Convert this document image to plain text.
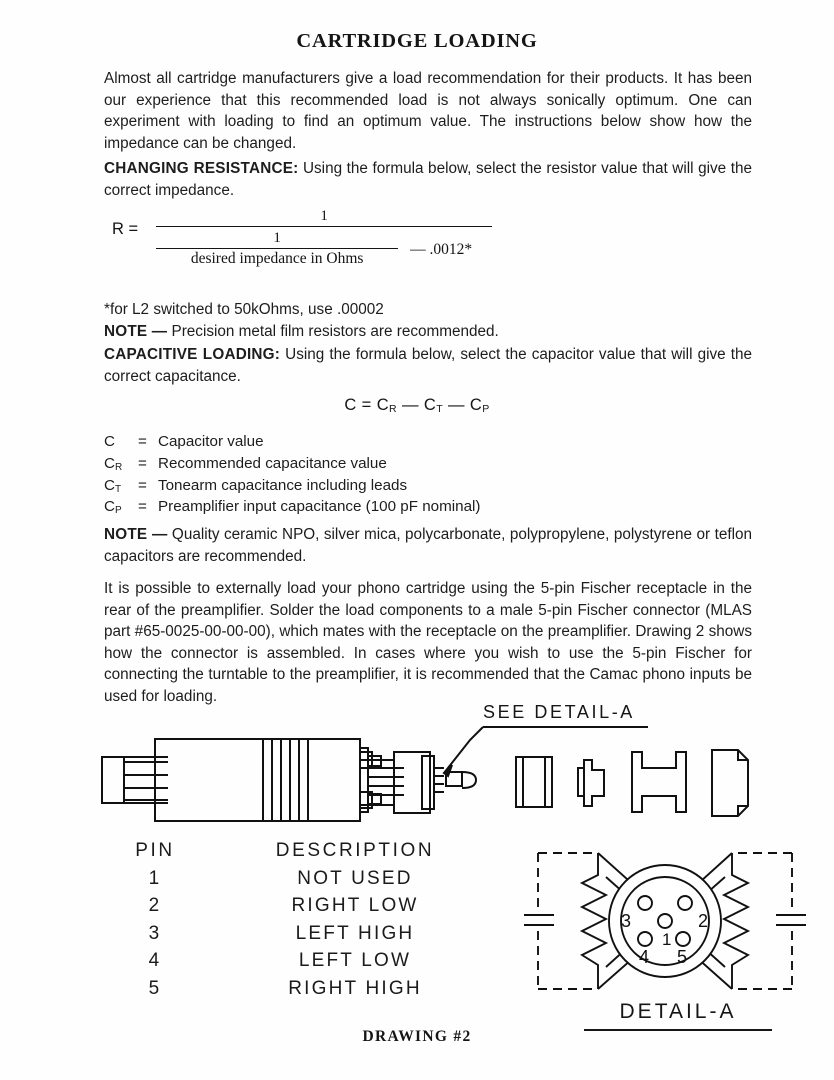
CARTRIDGE LOADING

Almost all cartridge manufacturers give a load recommendation for their products. It has been our experience that this recommended load is not always sonically optimum. One can experiment with loading to find an optimum value. The instructions below show how the impedance can be changed.

CHANGING RESISTANCE: Using the formula below, select the resistor value that will give the correct impedance.

R =
1
$\frac{1}{\text{desired impedance in Ohms}}$ — .0012*

*for L2 switched to 50kOhms, use .00002

NOTE — Precision metal film resistors are recommended.

CAPACITIVE LOADING: Using the formula below, select the capacitor value that will give the correct capacitance.

$C = C_R$ — $C_T$ — $C_P$
C	= Capacitor value
$C_R$	= Recommended capacitance value
$C_T$	= Tonearm capacitance including leads
$C_P$	= Preamplifier input capacitance (100 pF nominal)

NOTE — Quality ceramic NPO, silver mica, polycarbonate, polypropylene, polystyrene or teflon capacitors are recommended.

It is possible to externally load your phono cartridge using the 5-pin Fischer receptacle in the rear of the preamplifier. Solder the load components to a male 5-pin Fischer connector (MLAS part #65-0025-00-00-00), which mates with the receptacle on the preamplifier. Drawing 2 shows how the connector is assembled. In cases where you wish to use the 5-pin Fischer for connecting the turntable to the preamplifier, it is recommended that the Camac phono inputs be used for loading.

SEE DETAIL-A
PIN	DESCRIPTION
1	NOT USED
2	RIGHT LOW
3	LEFT HIGH
4	LEFT LOW
5	RIGHT HIGH
3	2
4 5
1
DETAIL-A
DRAWING #2
